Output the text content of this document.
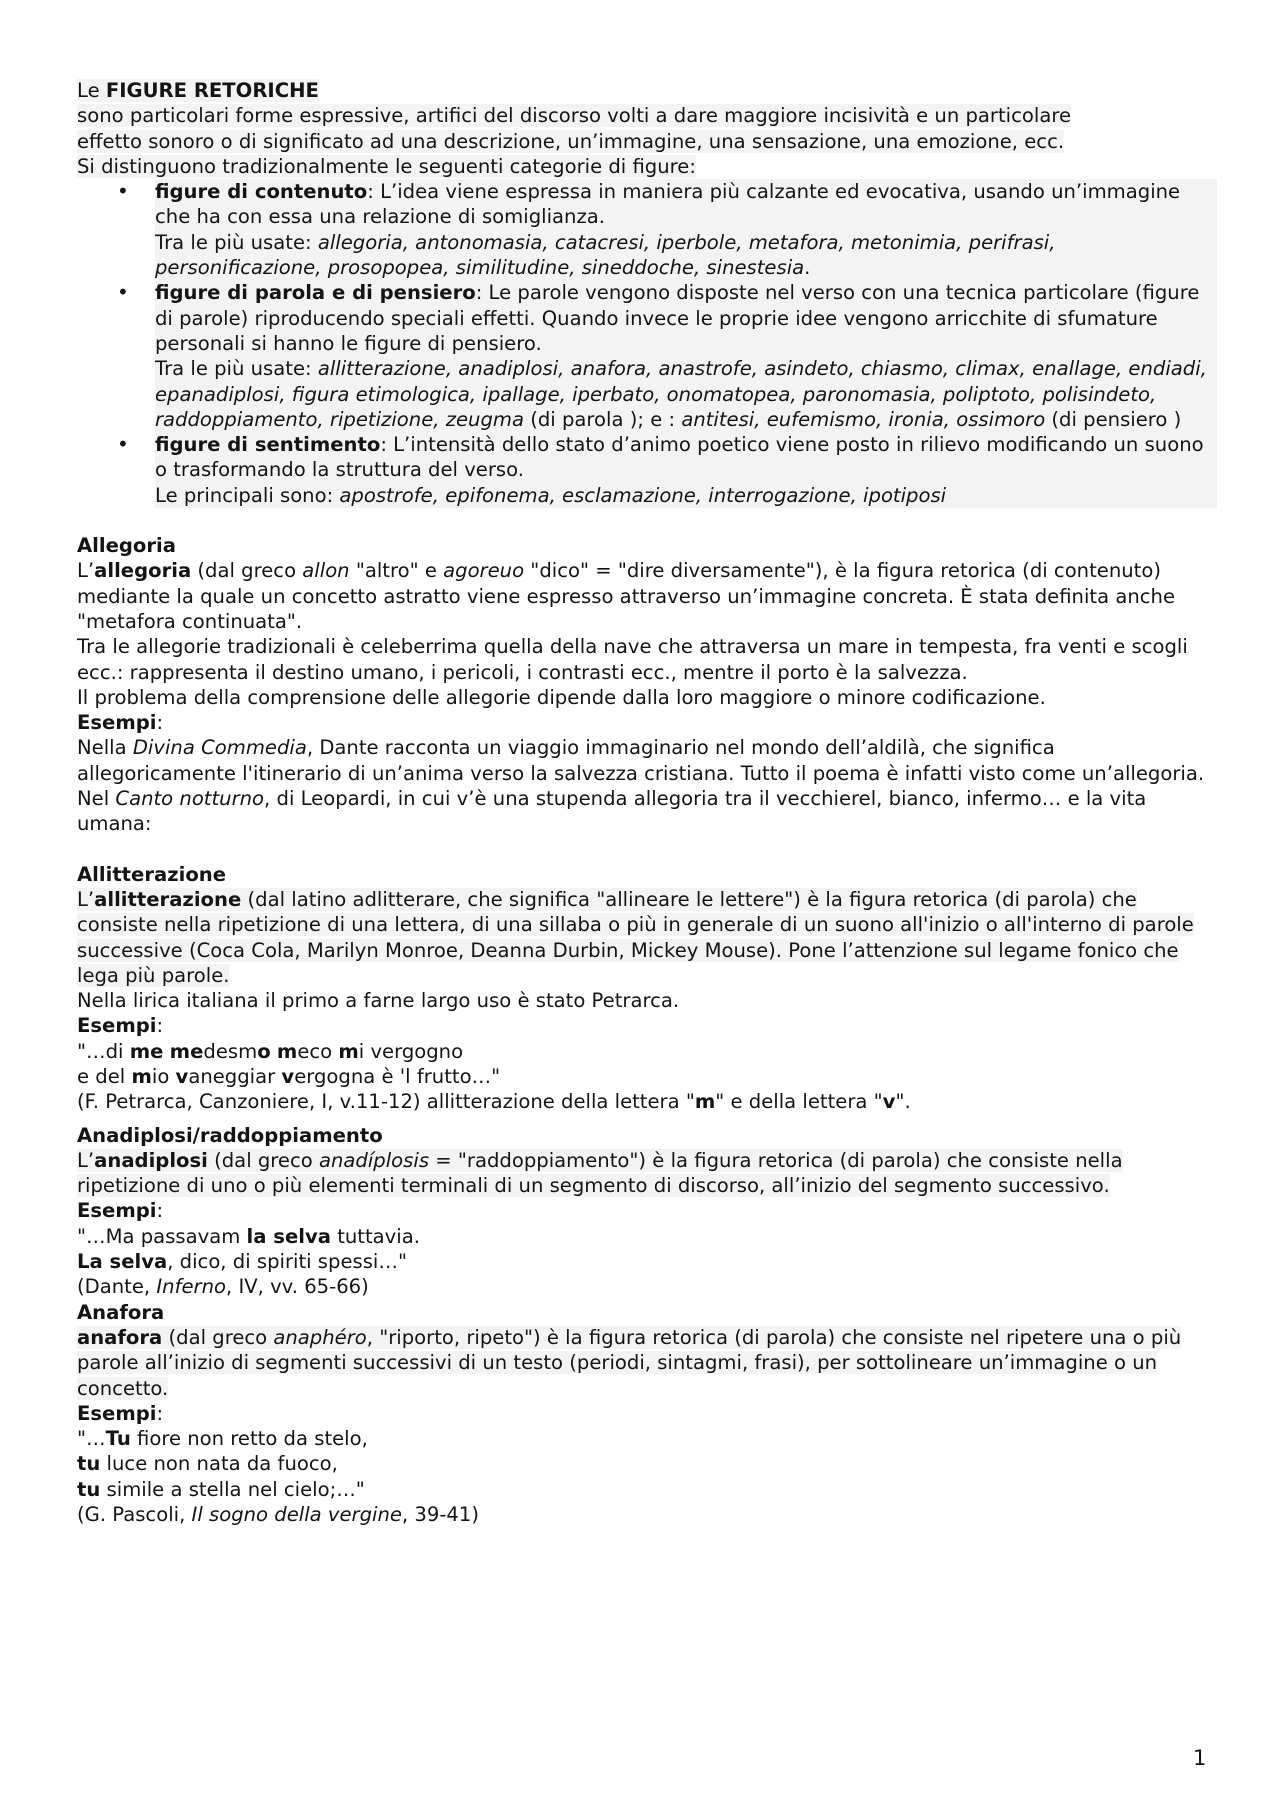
Le FIGURE RETORICHE

sono particolari forme espressive, artifici del discorso volti a dare maggiore incisività e un particolare
effetto sonoro o di significato ad una descrizione, un’immagine, una sensazione, una emozione, ecc.
Si distinguono tradizionalmente le seguenti categorie di figure:

• figure di contenuto: L’idea viene espressa in maniera più calzante ed evocativa, usando un’immagine che ha con essa una relazione di somiglianza.
Tra le più usate: allegoria, antonomasia, catacresi, iperbole, metafora, metonimia, perifrasi, personificazione, prosopopea, similitudine, sineddoche, sinestesia.
• figure di parola e di pensiero: Le parole vengono disposte nel verso con una tecnica particolare (figure di parole) riproducendo speciali effetti. Quando invece le proprie idee vengono arricchite di sfumature personali si hanno le figure di pensiero.
Tra le più usate: allitterazione, anadiplosi, anafora, anastrofe, asindeto, chiasmo, climax, enallage, endiadi, epanadiplosi, figura etimologica, ipallage, iperbato, onomatopea, paronomasia, poliptoto, polisindeto, raddoppiamento, ripetizione, zeugma (di parola ); e : antitesi, eufemismo, ironia, ossimoro (di pensiero )
• figure di sentimento: L’intensità dello stato d’animo poetico viene posto in rilievo modificando un suono o trasformando la struttura del verso.
Le principali sono: apostrofe, epifonema, esclamazione, interrogazione, ipotiposi

Allegoria

L’allegoria (dal greco allon "altro" e agoreuo "dico" = "dire diversamente"), è la figura retorica (di contenuto) mediante la quale un concetto astratto viene espresso attraverso un’immagine concreta. È stata definita anche "metafora continuata".

Tra le allegorie tradizionali è celeberrima quella della nave che attraversa un mare in tempesta, fra venti e scogli ecc.: rappresenta il destino umano, i pericoli, i contrasti ecc., mentre il porto è la salvezza.

Il problema della comprensione delle allegorie dipende dalla loro maggiore o minore codificazione.

Esempi:

Nella Divina Commedia, Dante racconta un viaggio immaginario nel mondo dell’aldilà, che significa allegoricamente l'itinerario di un’anima verso la salvezza cristiana. Tutto il poema è infatti visto come un’allegoria.

Nel Canto notturno, di Leopardi, in cui v’è una stupenda allegoria tra il vecchierel, bianco, infermo… e la vita umana:

Allitterazione

L’allitterazione (dal latino adlitterare, che significa "allineare le lettere") è la figura retorica (di parola) che consiste nella ripetizione di una lettera, di una sillaba o più in generale di un suono all'inizio o all'interno di parole successive (Coca Cola, Marilyn Monroe, Deanna Durbin, Mickey Mouse). Pone l’attenzione sul legame fonico che lega più parole.

Nella lirica italiana il primo a farne largo uso è stato Petrarca.

Esempi:

"…di me medesmo meco mi vergogno
e del mio vaneggiar vergogna è 'l frutto…"
(F. Petrarca, Canzoniere, I, v.11-12) allitterazione della lettera "m" e della lettera "v".

Anadiplosi/raddoppiamento

L’anadiplosi (dal greco anadíplosis = "raddoppiamento") è la figura retorica (di parola) che consiste nella ripetizione di uno o più elementi terminali di un segmento di discorso, all’inizio del segmento successivo.

Esempi:

"…Ma passavam la selva tuttavia.
La selva, dico, di spiriti spessi…"
(Dante, Inferno, IV, vv. 65-66)

Anafora

anafora (dal greco anaphéro, "riporto, ripeto") è la figura retorica (di parola) che consiste nel ripetere una o più parole all’inizio di segmenti successivi di un testo (periodi, sintagmi, frasi), per sottolineare un’immagine o un concetto.

Esempi:

"…Tu fiore non retto da stelo,
tu luce non nata da fuoco,
tu simile a stella nel cielo;…"
(G. Pascoli, Il sogno della vergine, 39-41)
1
